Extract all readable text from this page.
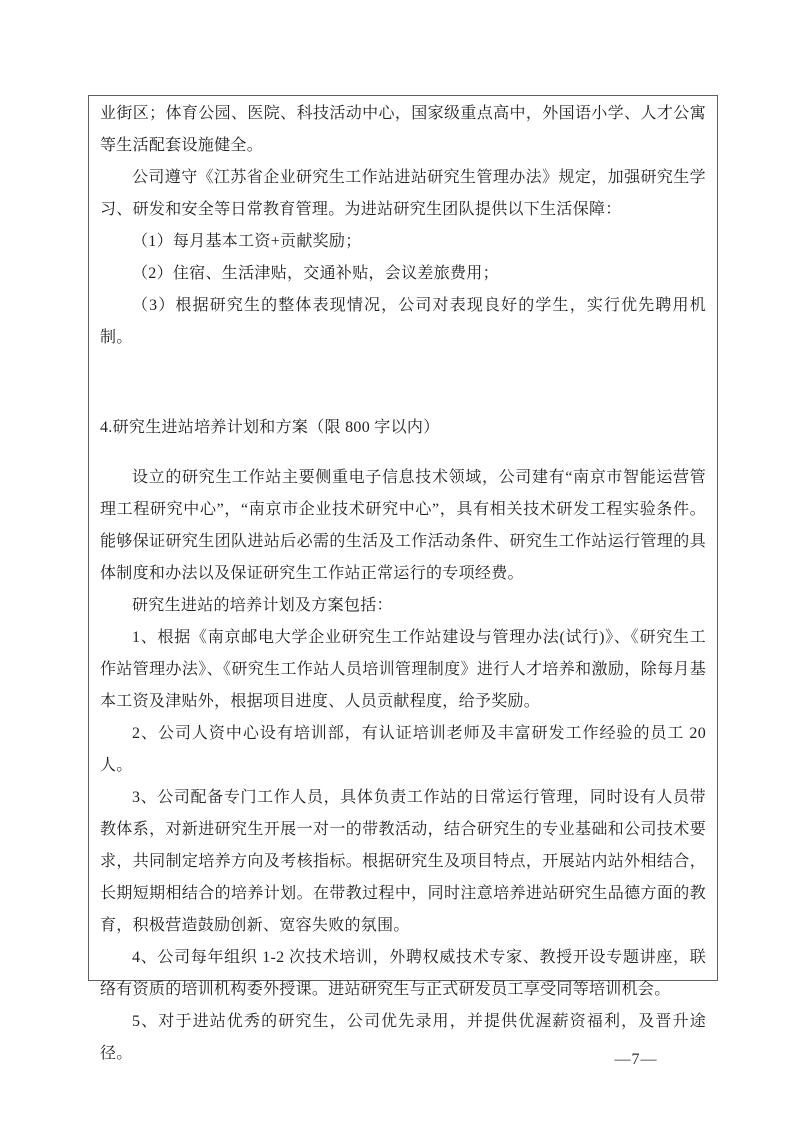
业街区；体育公园、医院、科技活动中心，国家级重点高中，外国语小学、人才公寓等生活配套设施健全。

公司遵守《江苏省企业研究生工作站进站研究生管理办法》规定，加强研究生学习、研发和安全等日常教育管理。为进站研究生团队提供以下生活保障：

（1）每月基本工资+贡献奖励；

（2）住宿、生活津贴，交通补贴，会议差旅费用；

（3）根据研究生的整体表现情况，公司对表现良好的学生，实行优先聘用机制。

4.研究生进站培养计划和方案（限 800 字以内）

设立的研究生工作站主要侧重电子信息技术领域，公司建有“南京市智能运营管理工程研究中心”，“南京市企业技术研究中心”，具有相关技术研发工程实验条件。能够保证研究生团队进站后必需的生活及工作活动条件、研究生工作站运行管理的具体制度和办法以及保证研究生工作站正常运行的专项经费。

研究生进站的培养计划及方案包括：

1、根据《南京邮电大学企业研究生工作站建设与管理办法(试行)》、《研究生工作站管理办法》、《研究生工作站人员培训管理制度》进行人才培养和激励，除每月基本工资及津贴外，根据项目进度、人员贡献程度，给予奖励。

2、公司人资中心设有培训部，有认证培训老师及丰富研发工作经验的员工 20 人。

3、公司配备专门工作人员，具体负责工作站的日常运行管理，同时设有人员带教体系，对新进研究生开展一对一的带教活动，结合研究生的专业基础和公司技术要求，共同制定培养方向及考核指标。根据研究生及项目特点，开展站内站外相结合，长期短期相结合的培养计划。在带教过程中，同时注意培养进站研究生品德方面的教育，积极营造鼓励创新、宽容失败的氛围。

4、公司每年组织 1-2 次技术培训，外聘权威技术专家、教授开设专题讲座，联络有资质的培训机构委外授课。进站研究生与正式研发员工享受同等培训机会。

5、对于进站优秀的研究生，公司优先录用，并提供优渥薪资福利，及晋升途径。	—7—
